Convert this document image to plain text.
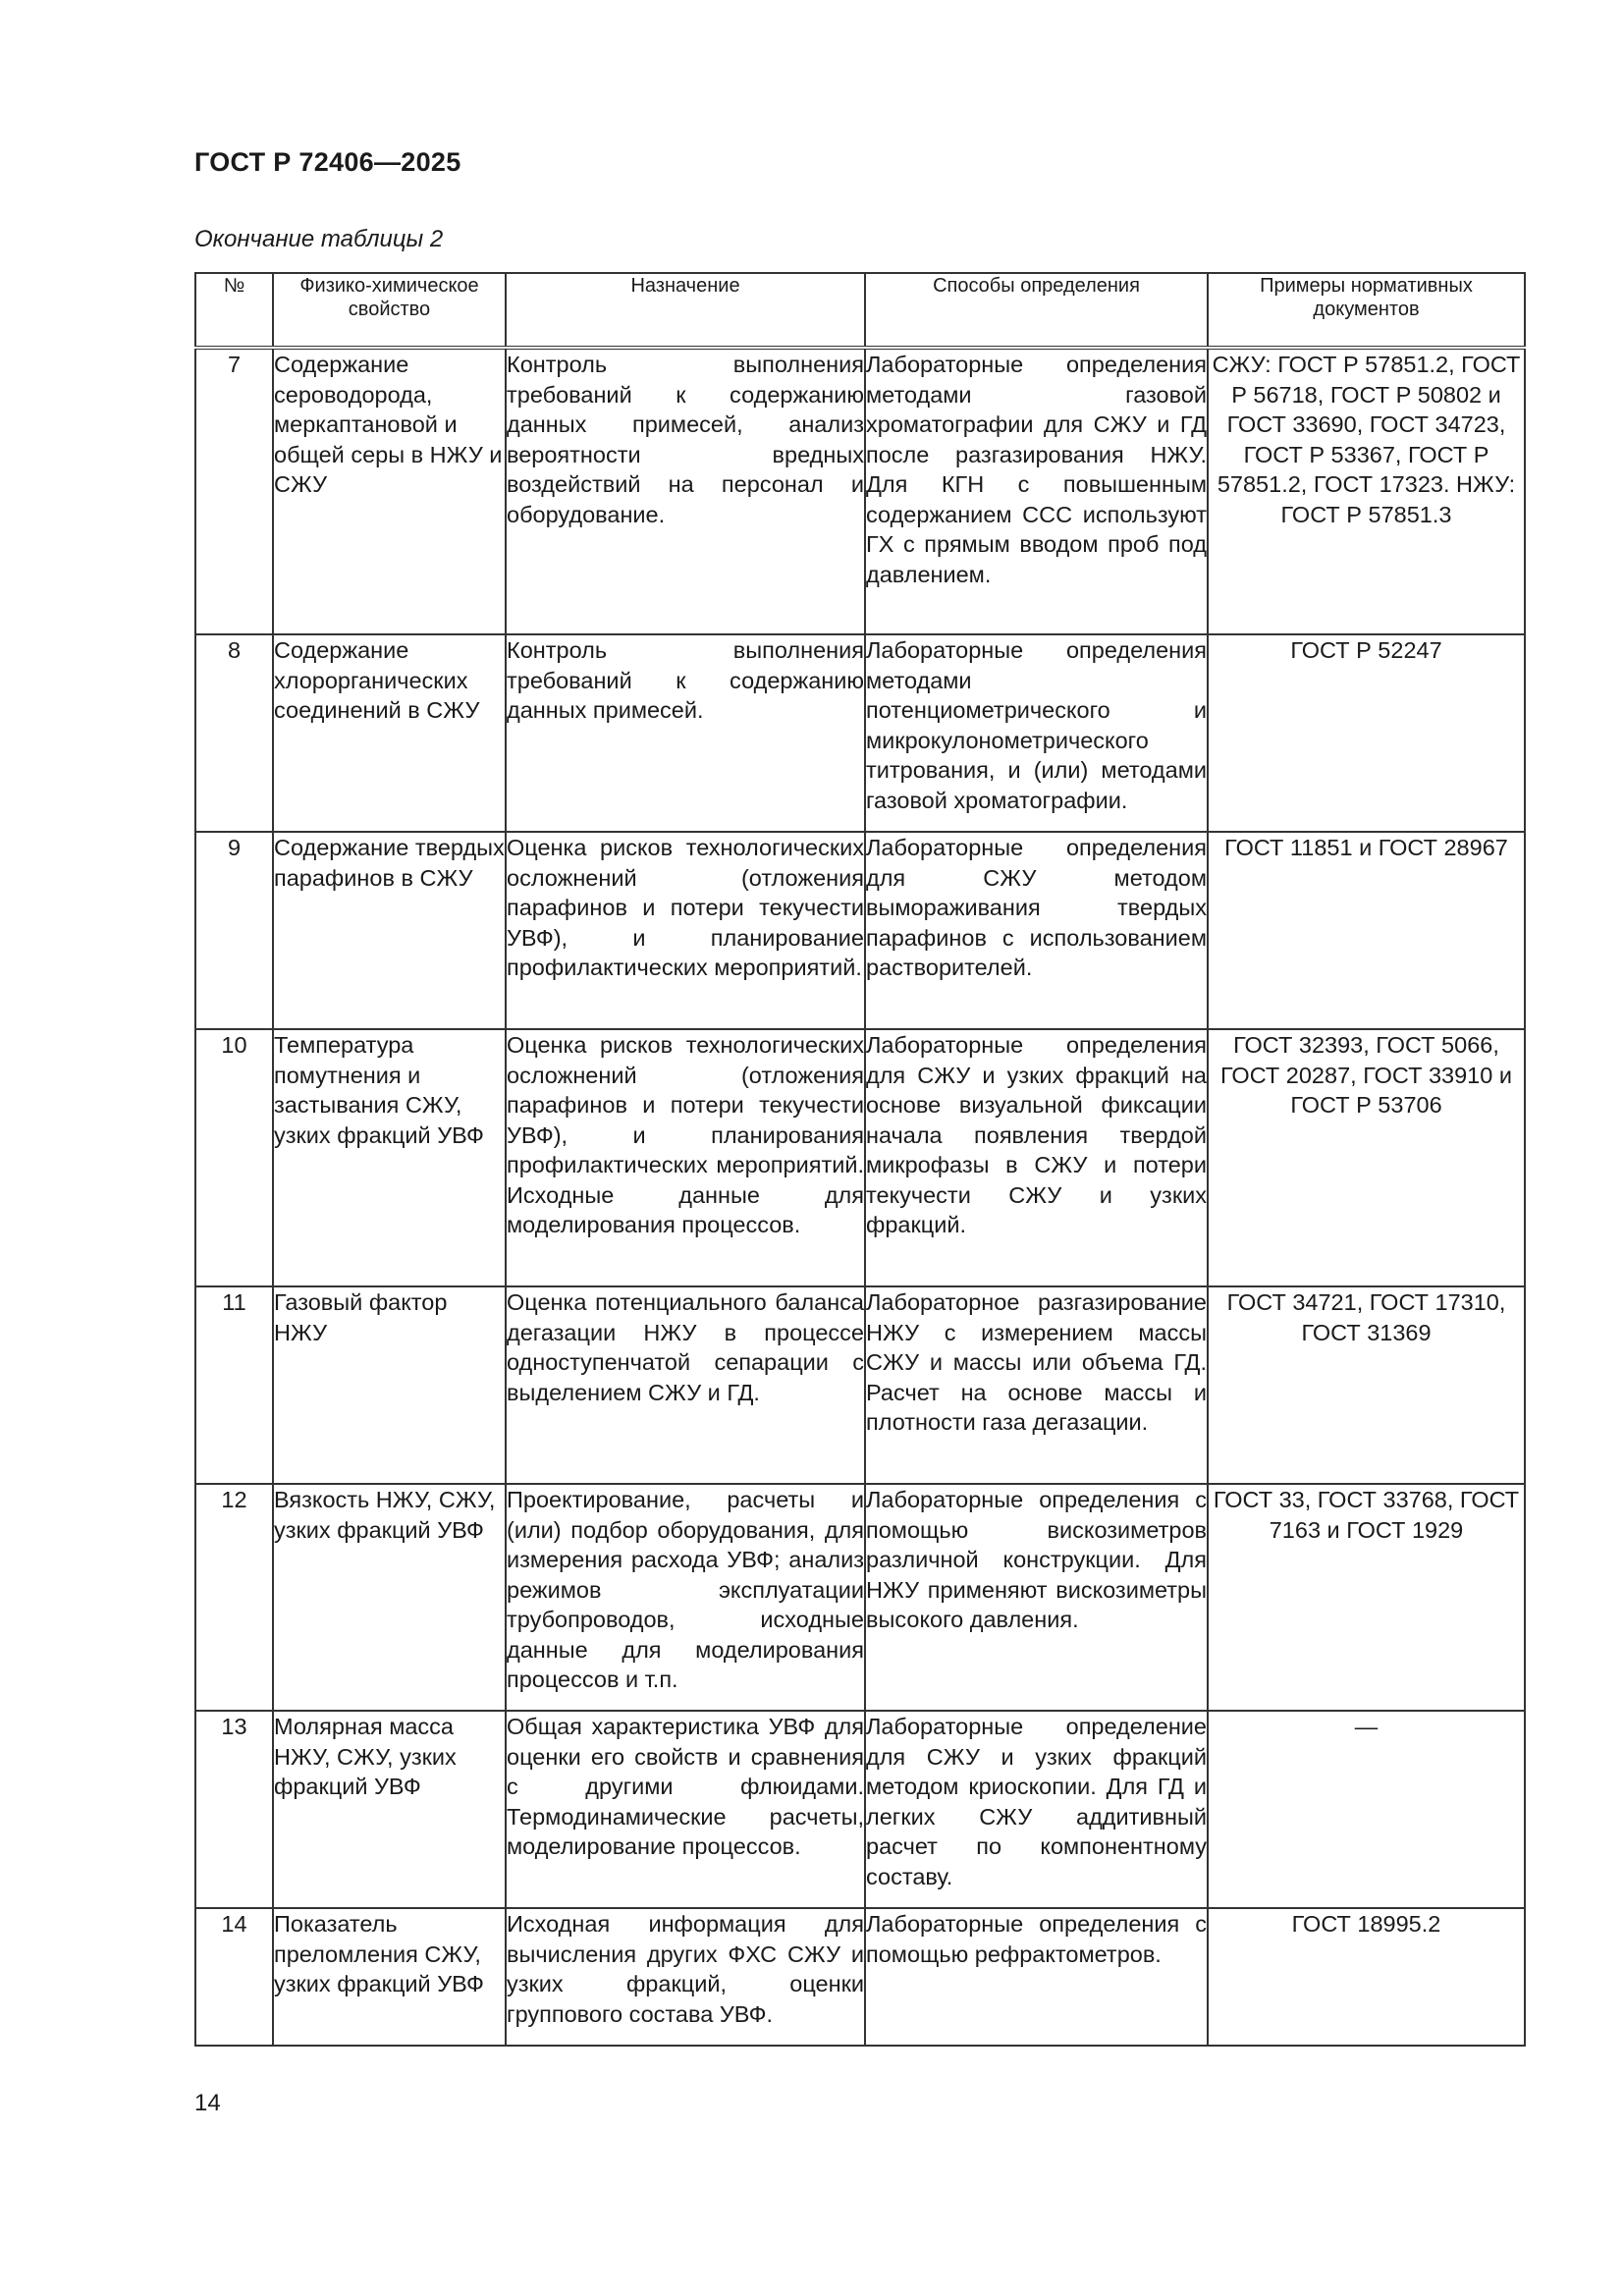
ГОСТ Р 72406—2025
Окончание таблицы 2
№	Физико-химическое свойство	Назначение	Способы определения	Примеры нормативных документов
7	Содержание сероводорода, меркаптановой и общей серы в НЖУ и СЖУ	Контроль выполнения требований к содержанию данных примесей, анализ вероятности вредных воздействий на персонал и оборудование.	Лабораторные определения методами газовой хроматографии для СЖУ и ГД после разгазирования НЖУ. Для КГН с повышенным содержанием ССС используют ГХ с прямым вводом проб под давлением.	СЖУ: ГОСТ Р 57851.2, ГОСТ Р 56718, ГОСТ Р 50802 и ГОСТ 33690, ГОСТ 34723, ГОСТ Р 53367, ГОСТ Р 57851.2, ГОСТ 17323. НЖУ: ГОСТ Р 57851.3
8	Содержание хлорорганических соединений в СЖУ	Контроль выполнения требований к содержанию данных примесей.	Лабораторные определения методами потенциометрического и микрокулонометрического титрования, и (или) методами газовой хроматографии.	ГОСТ Р 52247
9	Содержание твердых парафинов в СЖУ	Оценка рисков технологических осложнений (отложения парафинов и потери текучести УВФ), и планирование профилактических мероприятий.	Лабораторные определения для СЖУ методом вымораживания твердых парафинов с использованием растворителей.	ГОСТ 11851 и ГОСТ 28967
10	Температура помутнения и застывания СЖУ, узких фракций УВФ	Оценка рисков технологических осложнений (отложения парафинов и потери текучести УВФ), и планирования профилактических мероприятий. Исходные данные для моделирования процессов.	Лабораторные определения для СЖУ и узких фракций на основе визуальной фиксации начала появления твердой микрофазы в СЖУ и потери текучести СЖУ и узких фракций.	ГОСТ 32393, ГОСТ 5066, ГОСТ 20287, ГОСТ 33910 и ГОСТ Р 53706
11	Газовый фактор НЖУ	Оценка потенциального баланса дегазации НЖУ в процессе одноступенчатой сепарации с выделением СЖУ и ГД.	Лабораторное разгазирование НЖУ с измерением массы СЖУ и массы или объема ГД. Расчет на основе массы и плотности газа дегазации.	ГОСТ 34721, ГОСТ 17310, ГОСТ 31369
12	Вязкость НЖУ, СЖУ, узких фракций УВФ	Проектирование, расчеты и (или) подбор оборудования, для измерения расхода УВФ; анализ режимов эксплуатации трубопроводов, исходные данные для моделирования процессов и т.п.	Лабораторные определения с помощью вискозиметров различной конструкции. Для НЖУ применяют вискозиметры высокого давления.	ГОСТ 33, ГОСТ 33768, ГОСТ 7163 и ГОСТ 1929
13	Молярная масса НЖУ, СЖУ, узких фракций УВФ	Общая характеристика УВФ для оценки его свойств и сравнения с другими флюидами. Термодинамические расчеты, моделирование процессов.	Лабораторные определение для СЖУ и узких фракций методом криоскопии. Для ГД и легких СЖУ аддитивный расчет по компонентному составу.	—
14	Показатель преломления СЖУ, узких фракций УВФ	Исходная информация для вычисления других ФХС СЖУ и узких фракций, оценки группового состава УВФ.	Лабораторные определения с помощью рефрактометров.	ГОСТ 18995.2
14
